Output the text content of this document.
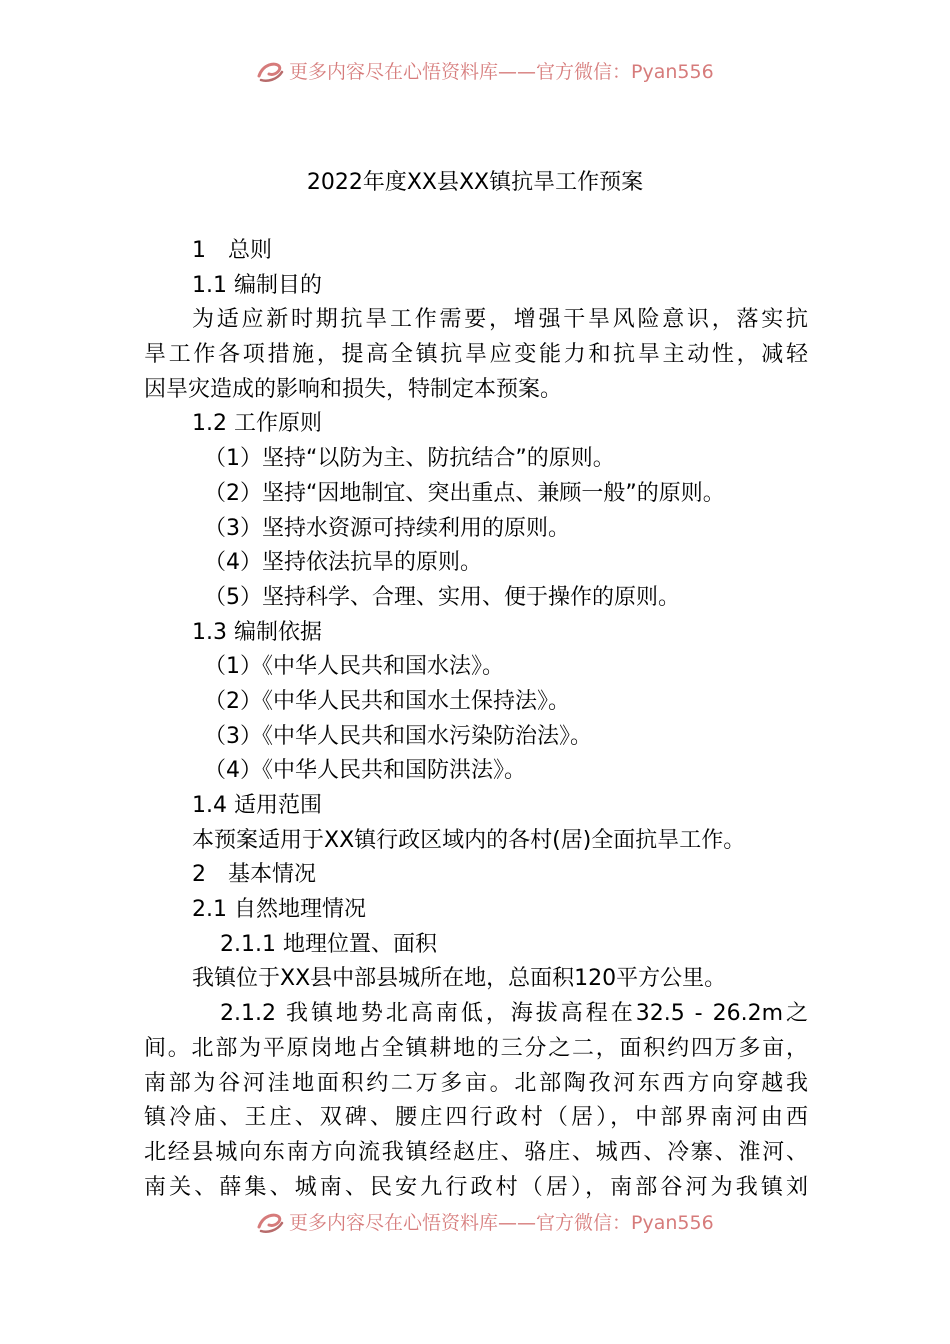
更多内容尽在心悟资料库——官方微信：Pyan556
2022年度XX县XX镇抗旱工作预案
1　总则
1.1 编制目的
为适应新时期抗旱工作需要，增强干旱风险意识，落实抗
旱工作各项措施，提高全镇抗旱应变能力和抗旱主动性，减轻
因旱灾造成的影响和损失，特制定本预案。
1.2 工作原则
（1）坚持“以防为主、防抗结合”的原则。
（2）坚持“因地制宜、突出重点、兼顾一般”的原则。
（3）坚持水资源可持续利用的原则。
（4）坚持依法抗旱的原则。
（5）坚持科学、合理、实用、便于操作的原则。
1.3 编制依据
（1）《中华人民共和国水法》。
（2）《中华人民共和国水土保持法》。
（3）《中华人民共和国水污染防治法》。
（4）《中华人民共和国防洪法》。
1.4 适用范围
本预案适用于XX镇行政区域内的各村(居)全面抗旱工作。
2　基本情况
2.1 自然地理情况
2.1.1 地理位置、面积
我镇位于XX县中部县城所在地，总面积120平方公里。
2.1.2 我镇地势北高南低，海拔高程在32.5 - 26.2m之
间。北部为平原岗地占全镇耕地的三分之二，面积约四万多亩，
南部为谷河洼地面积约二万多亩。北部陶孜河东西方向穿越我
镇冷庙、王庄、双碑、腰庄四行政村（居），中部界南河由西
北经县城向东南方向流我镇经赵庄、骆庄、城西、冷寨、淮河、
南关、薛集、城南、民安九行政村（居），南部谷河为我镇刘
更多内容尽在心悟资料库——官方微信：Pyan556
